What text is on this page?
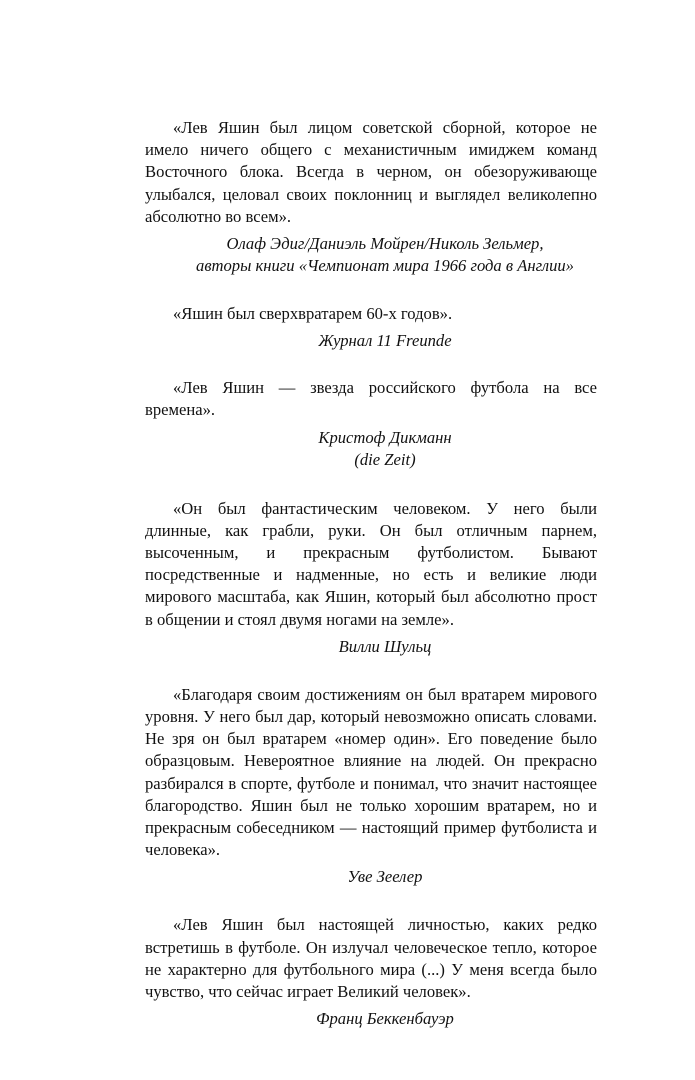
«Лев Яшин был лицом советской сборной, которое не имело ничего общего с механистичным имиджем команд Восточного блока. Всегда в черном, он обезоруживающе улыбался, целовал своих поклонниц и выглядел великолепно абсолютно во всем».

Олаф Эдиг/Даниэль Мойрен/Николь Зельмер,
авторы книги «Чемпионат мира 1966 года в Англии»

«Яшин был сверхвратарем 60-х годов».

Журнал 11 Freunde

«Лев Яшин — звезда российского футбола на все времена».

Кристоф Дикманн
(die Zeit)

«Он был фантастическим человеком. У него были длинные, как грабли, руки. Он был отличным парнем, высоченным, и прекрасным футболистом. Бывают посредственные и надменные, но есть и великие люди мирового масштаба, как Яшин, который был абсолютно прост в общении и стоял двумя ногами на земле».

Вилли Шульц

«Благодаря своим достижениям он был вратарем мирового уровня. У него был дар, который невозможно описать словами. Не зря он был вратарем «номер один». Его поведение было образцовым. Невероятное влияние на людей. Он прекрасно разбирался в спорте, футболе и понимал, что значит настоящее благородство. Яшин был не только хорошим вратарем, но и прекрасным собеседником — настоящий пример футболиста и человека».

Уве Зеелер

«Лев Яшин был настоящей личностью, каких редко встретишь в футболе. Он излучал человеческое тепло, которое не характерно для футбольного мира (...) У меня всегда было чувство, что сейчас играет Великий человек».

Франц Беккенбауэр
